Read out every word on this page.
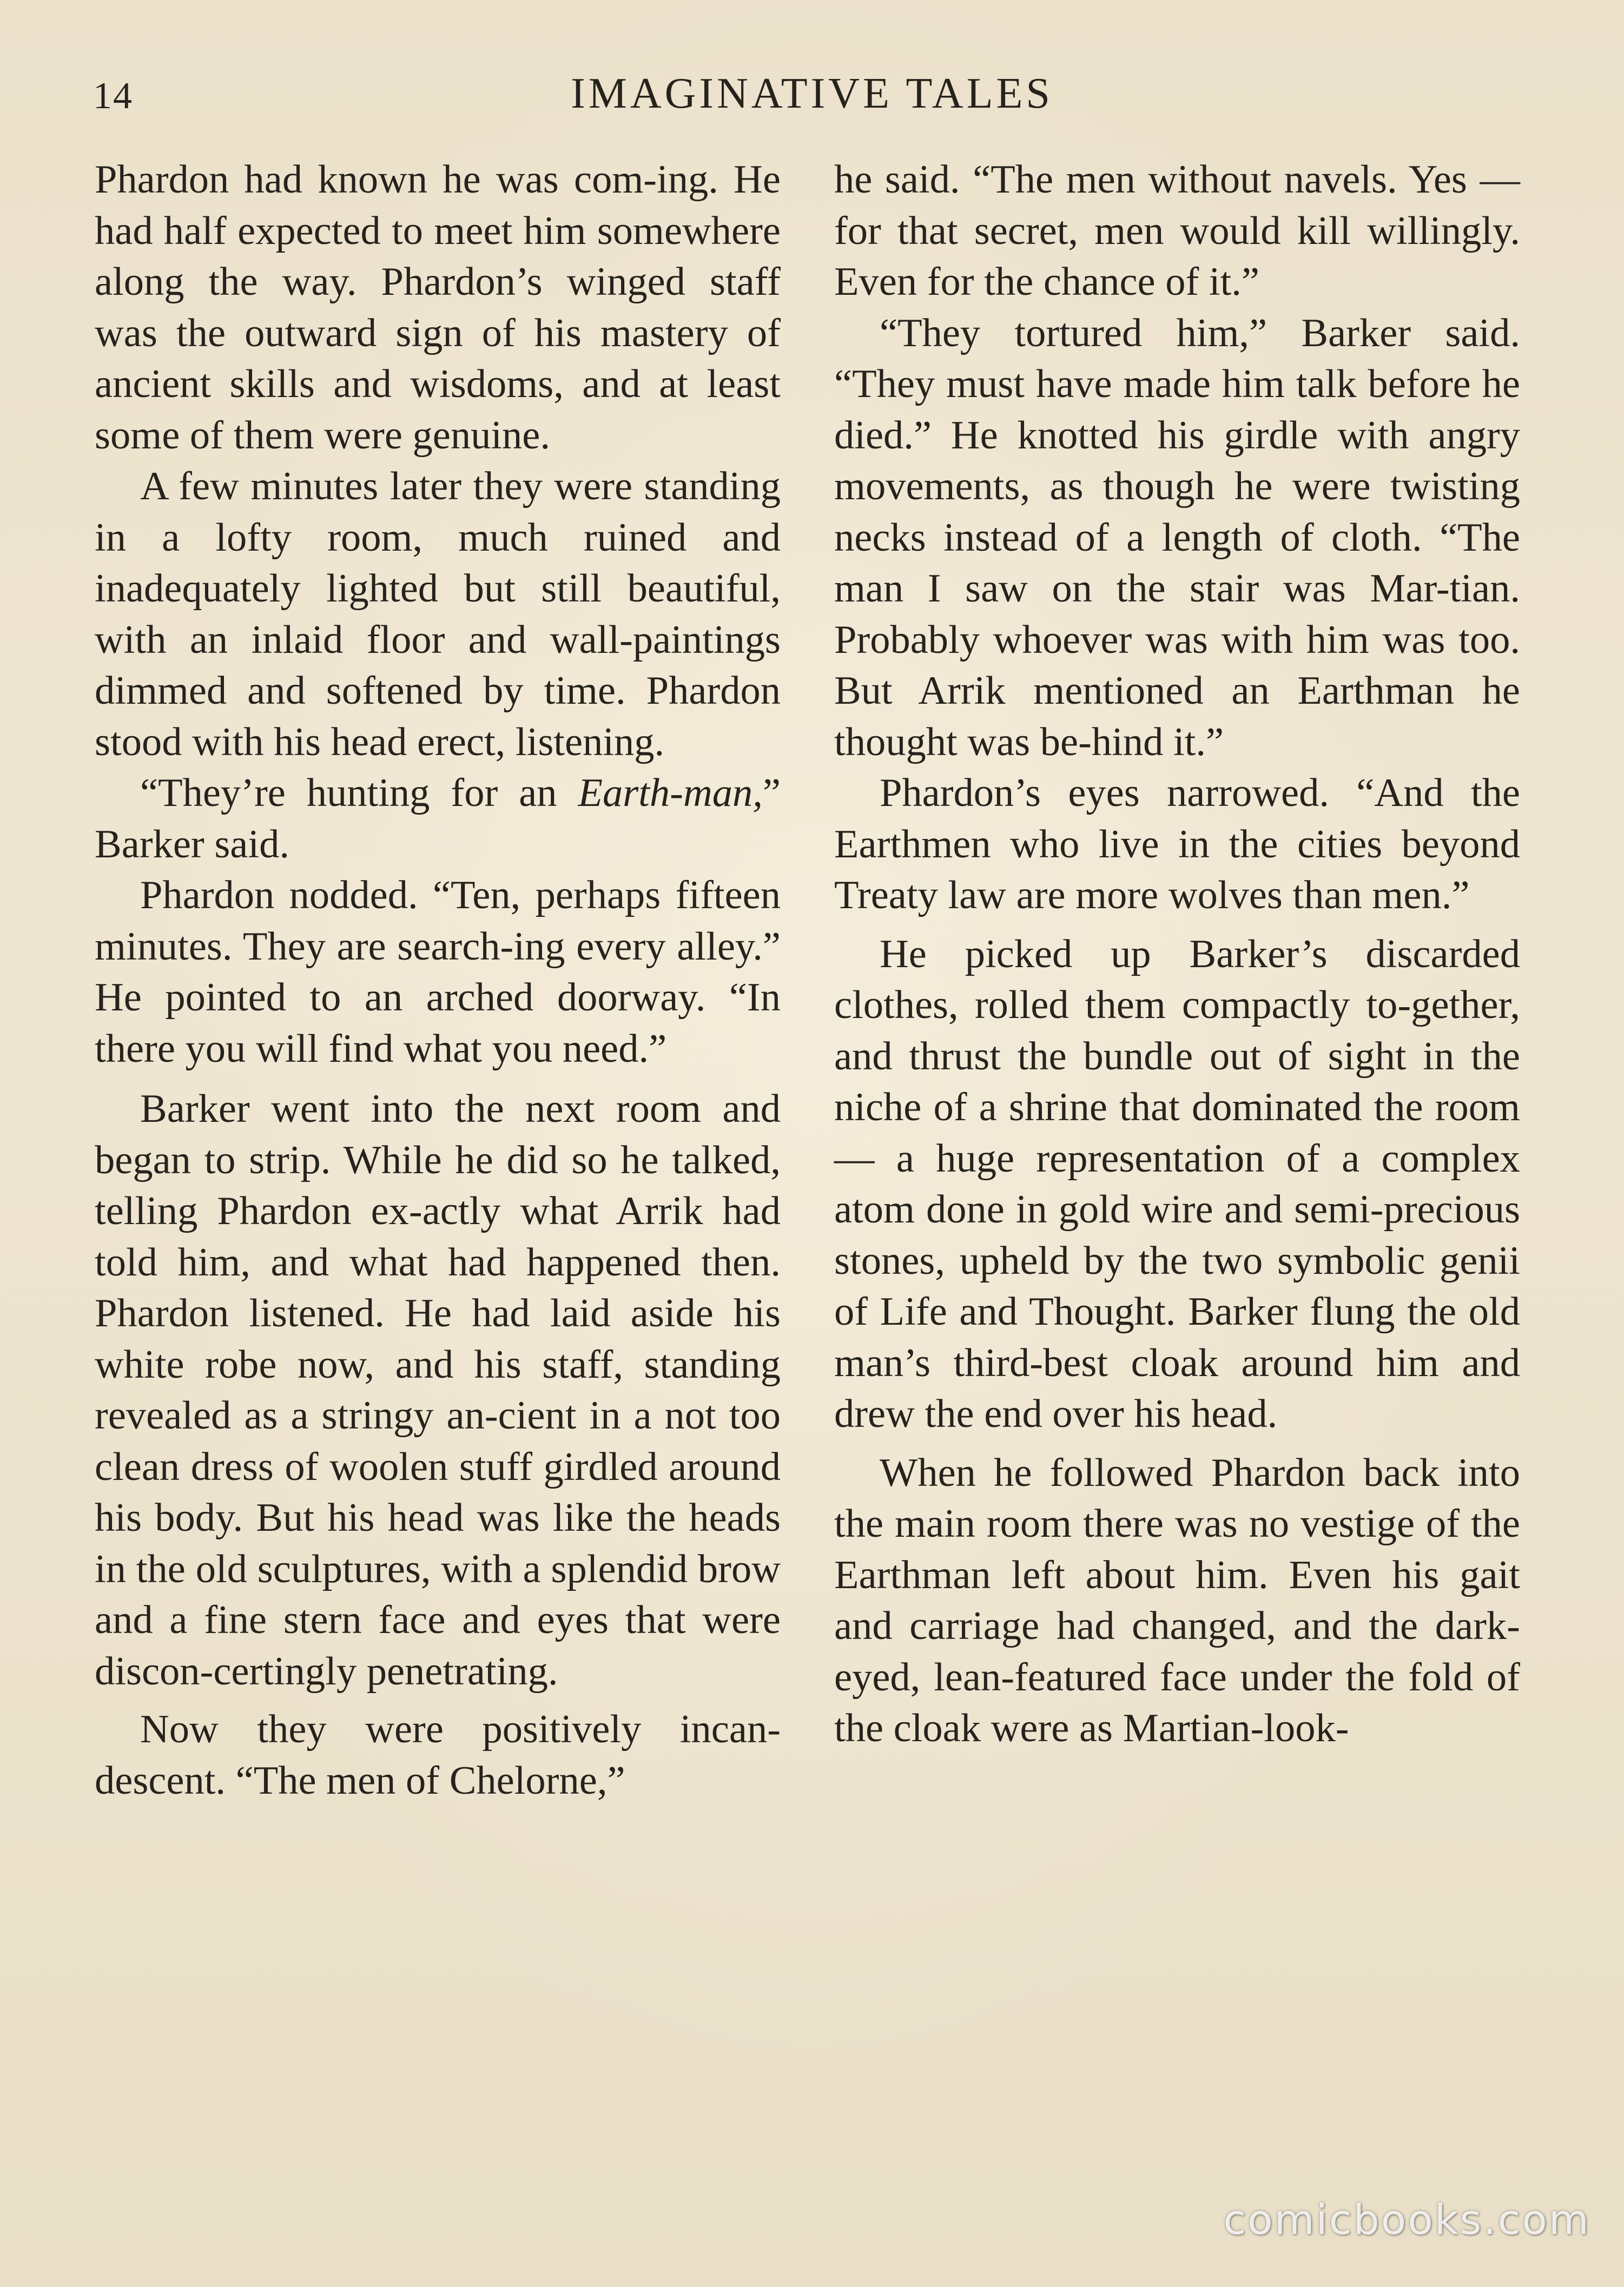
14	IMAGINATIVE TALES

Phardon had known he was com-ing. He had half expected to meet him somewhere along the way. Phardon’s winged staff was the outward sign of his mastery of ancient skills and wisdoms, and at least some of them were genuine.

A few minutes later they were standing in a lofty room, much ruined and inadequately lighted but still beautiful, with an inlaid floor and wall-paintings dimmed and softened by time. Phardon stood with his head erect, listening.

“They’re hunting for an Earth-man,” Barker said.

Phardon nodded. “Ten, perhaps fifteen minutes. They are search-ing every alley.” He pointed to an arched doorway. “In there you will find what you need.”

Barker went into the next room and began to strip. While he did so he talked, telling Phardon ex-actly what Arrik had told him, and what had happened then. Phardon listened. He had laid aside his white robe now, and his staff, standing revealed as a stringy an-cient in a not too clean dress of woolen stuff girdled around his body. But his head was like the heads in the old sculptures, with a splendid brow and a fine stern face and eyes that were discon-certingly penetrating.

Now they were positively incan-descent. “The men of Chelorne,”

he said. “The men without navels. Yes — for that secret, men would kill willingly. Even for the chance of it.”

“They tortured him,” Barker said. “They must have made him talk before he died.” He knotted his girdle with angry movements, as though he were twisting necks instead of a length of cloth. “The man I saw on the stair was Mar-tian. Probably whoever was with him was too. But Arrik mentioned an Earthman he thought was be-hind it.”

Phardon’s eyes narrowed. “And the Earthmen who live in the cities beyond Treaty law are more wolves than men.”

He picked up Barker’s discarded clothes, rolled them compactly to-gether, and thrust the bundle out of sight in the niche of a shrine that dominated the room — a huge representation of a complex atom done in gold wire and semi-precious stones, upheld by the two symbolic genii of Life and Thought. Barker flung the old man’s third-best cloak around him and drew the end over his head.

When he followed Phardon back into the main room there was no vestige of the Earthman left about him. Even his gait and carriage had changed, and the dark-eyed, lean-featured face under the fold of the cloak were as Martian-look-

comicbooks.com
